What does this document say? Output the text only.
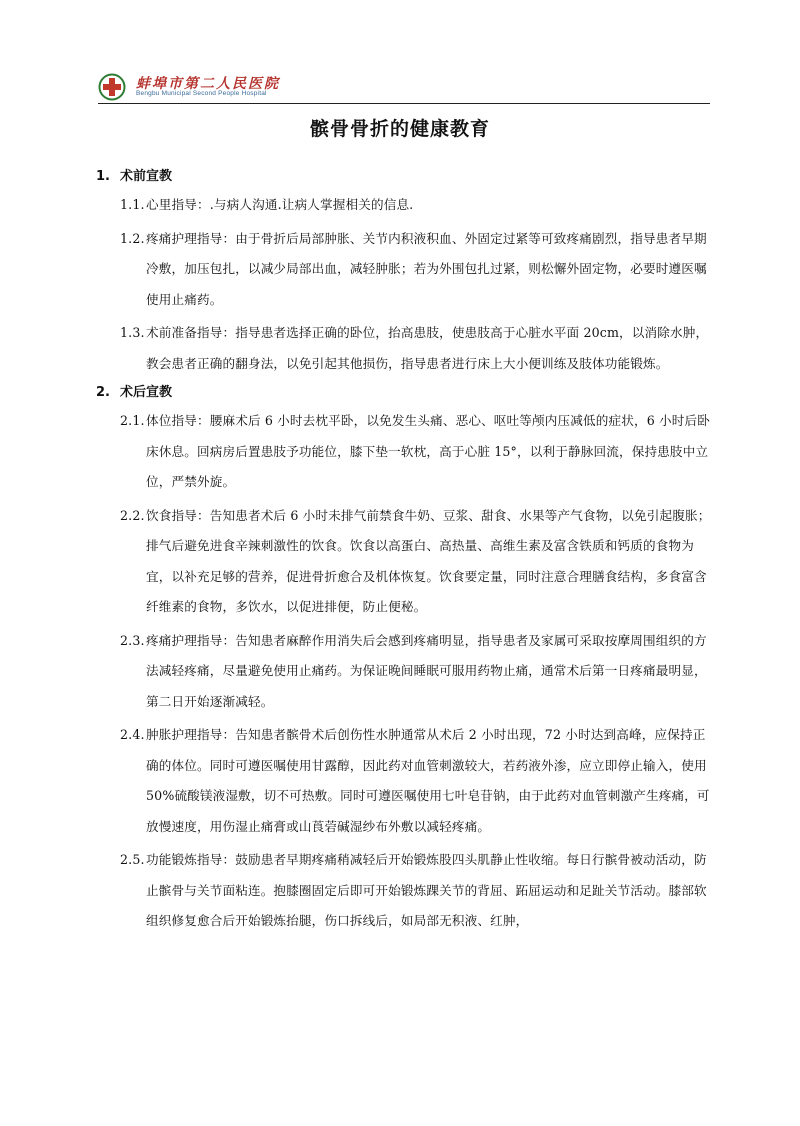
蚌埠市第二人民医院
Bengbu Municipal Second People Hospital
髌骨骨折的健康教育
1. 术前宣教
1.1. 心里指导：.与病人沟通.让病人掌握相关的信息.
1.2. 疼痛护理指导：由于骨折后局部肿胀、关节内积液积血、外固定过紧等可致疼痛剧烈，指导患者早期冷敷，加压包扎，以减少局部出血，减轻肿胀；若为外围包扎过紧，则松懈外固定物，必要时遵医嘱使用止痛药。
1.3. 术前准备指导：指导患者选择正确的卧位，抬高患肢，使患肢高于心脏水平面 20cm，以消除水肿，教会患者正确的翻身法，以免引起其他损伤，指导患者进行床上大小便训练及肢体功能锻炼。
2. 术后宣教
2.1. 体位指导：腰麻术后 6 小时去枕平卧，以免发生头痛、恶心、呕吐等颅内压减低的症状，6 小时后卧床休息。回病房后置患肢予功能位，膝下垫一软枕，高于心脏 15°，以利于静脉回流，保持患肢中立位，严禁外旋。
2.2. 饮食指导：告知患者术后 6 小时未排气前禁食牛奶、豆浆、甜食、水果等产气食物，以免引起腹胀；排气后避免进食辛辣刺激性的饮食。饮食以高蛋白、高热量、高维生素及富含铁质和钙质的食物为宜，以补充足够的营养，促进骨折愈合及机体恢复。饮食要定量，同时注意合理膳食结构，多食富含纤维素的食物，多饮水，以促进排便，防止便秘。
2.3. 疼痛护理指导：告知患者麻醉作用消失后会感到疼痛明显，指导患者及家属可采取按摩周围组织的方法减轻疼痛，尽量避免使用止痛药。为保证晚间睡眠可服用药物止痛，通常术后第一日疼痛最明显，第二日开始逐渐减轻。
2.4. 肿胀护理指导：告知患者髌骨术后创伤性水肿通常从术后 2 小时出现，72 小时达到高峰，应保持正确的体位。同时可遵医嘱使用甘露醇，因此药对血管刺激较大，若药液外渗，应立即停止输入，使用 50%硫酸镁液湿敷，切不可热敷。同时可遵医嘱使用七叶皂苷钠，由于此药对血管刺激产生疼痛，可放慢速度，用伤湿止痛膏或山莨菪碱湿纱布外敷以减轻疼痛。
2.5. 功能锻炼指导：鼓励患者早期疼痛稍减轻后开始锻炼股四头肌静止性收缩。每日行髌骨被动活动，防止髌骨与关节面粘连。抱膝圈固定后即可开始锻炼踝关节的背屈、跖屈运动和足趾关节活动。膝部软组织修复愈合后开始锻炼抬腿，伤口拆线后，如局部无积液、红肿，
